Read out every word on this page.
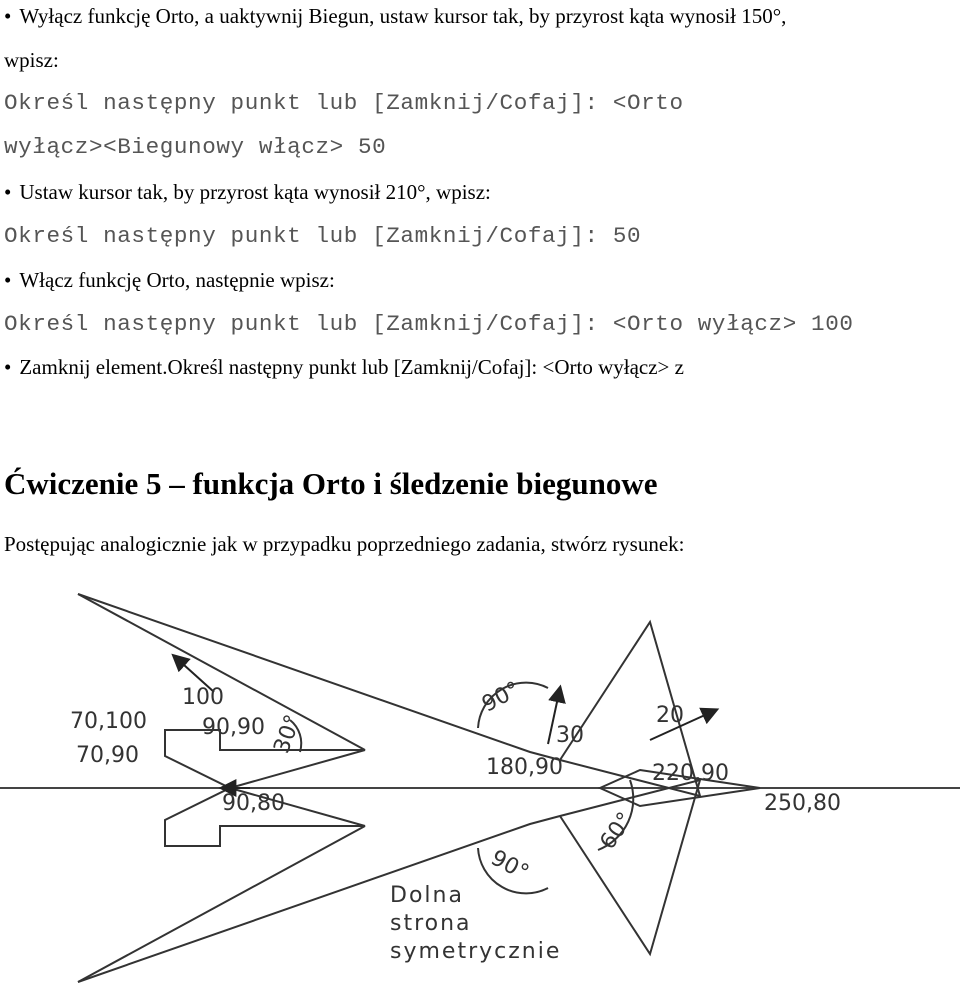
• Wyłącz funkcję Orto, a uaktywnij Biegun, ustaw kursor tak, by przyrost kąta wynosił 150°,
wpisz:
Określ następny punkt lub [Zamknij/Cofaj]: <Orto
wyłącz><Biegunowy włącz> 50
• Ustaw kursor tak, by przyrost kąta wynosił 210°, wpisz:
Określ następny punkt lub [Zamknij/Cofaj]: 50
• Włącz funkcję Orto, następnie wpisz:
Określ następny punkt lub [Zamknij/Cofaj]: <Orto wyłącz> 100
• Zamknij element.Określ następny punkt lub [Zamknij/Cofaj]: <Orto wyłącz> z
Ćwiczenie 5 – funkcja Orto i śledzenie biegunowe
Postępując analogicznie jak w przypadku poprzedniego zadania, stwórz rysunek:
100
70,100
70,90
90,90 30°
90,80
90°
30
180,90
20
220,90
250,80
60°
90°
Dolna
strona
symetrycznie
